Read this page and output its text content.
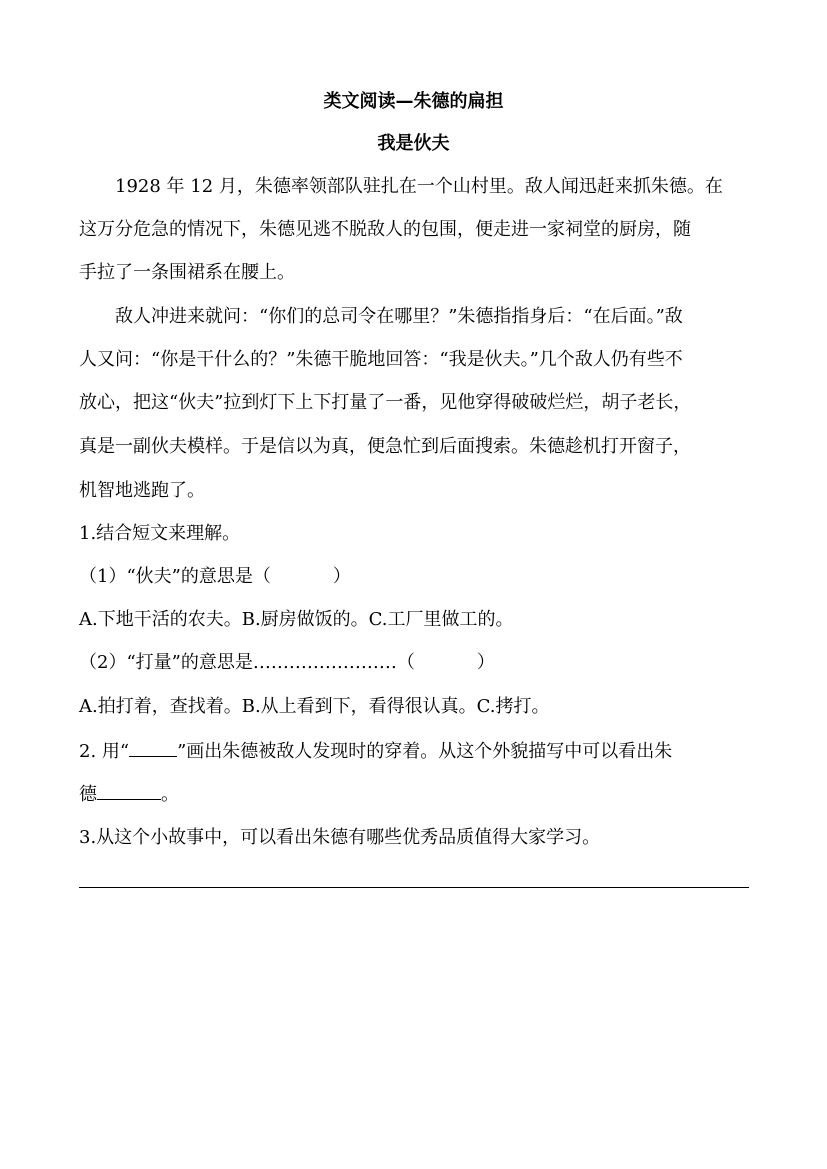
类文阅读—朱德的扁担
我是伙夫
1928 年 12 月，朱德率领部队驻扎在一个山村里。敌人闻迅赶来抓朱德。在
这万分危急的情况下，朱德见逃不脱敌人的包围，便走进一家祠堂的厨房，随
手拉了一条围裙系在腰上。
敌人冲进来就问：“你们的总司令在哪里？”朱德指指身后：“在后面。”敌
人又问：“你是干什么的？”朱德干脆地回答：“我是伙夫。”几个敌人仍有些不
放心，把这“伙夫”拉到灯下上下打量了一番，见他穿得破破烂烂，胡子老长，
真是一副伙夫模样。于是信以为真，便急忙到后面搜索。朱德趁机打开窗子，
机智地逃跑了。
1.结合短文来理解。
（1）“伙夫”的意思是（	）
A.下地干活的农夫。B.厨房做饭的。C.工厂里做工的。
（2）“打量”的意思是……………………（	）
A.拍打着，查找着。B.从上看到下，看得很认真。C.拷打。
2. 用“	”画出朱德被敌人发现时的穿着。从这个外貌描写中可以看出朱
德	。
3.从这个小故事中，可以看出朱德有哪些优秀品质值得大家学习。
